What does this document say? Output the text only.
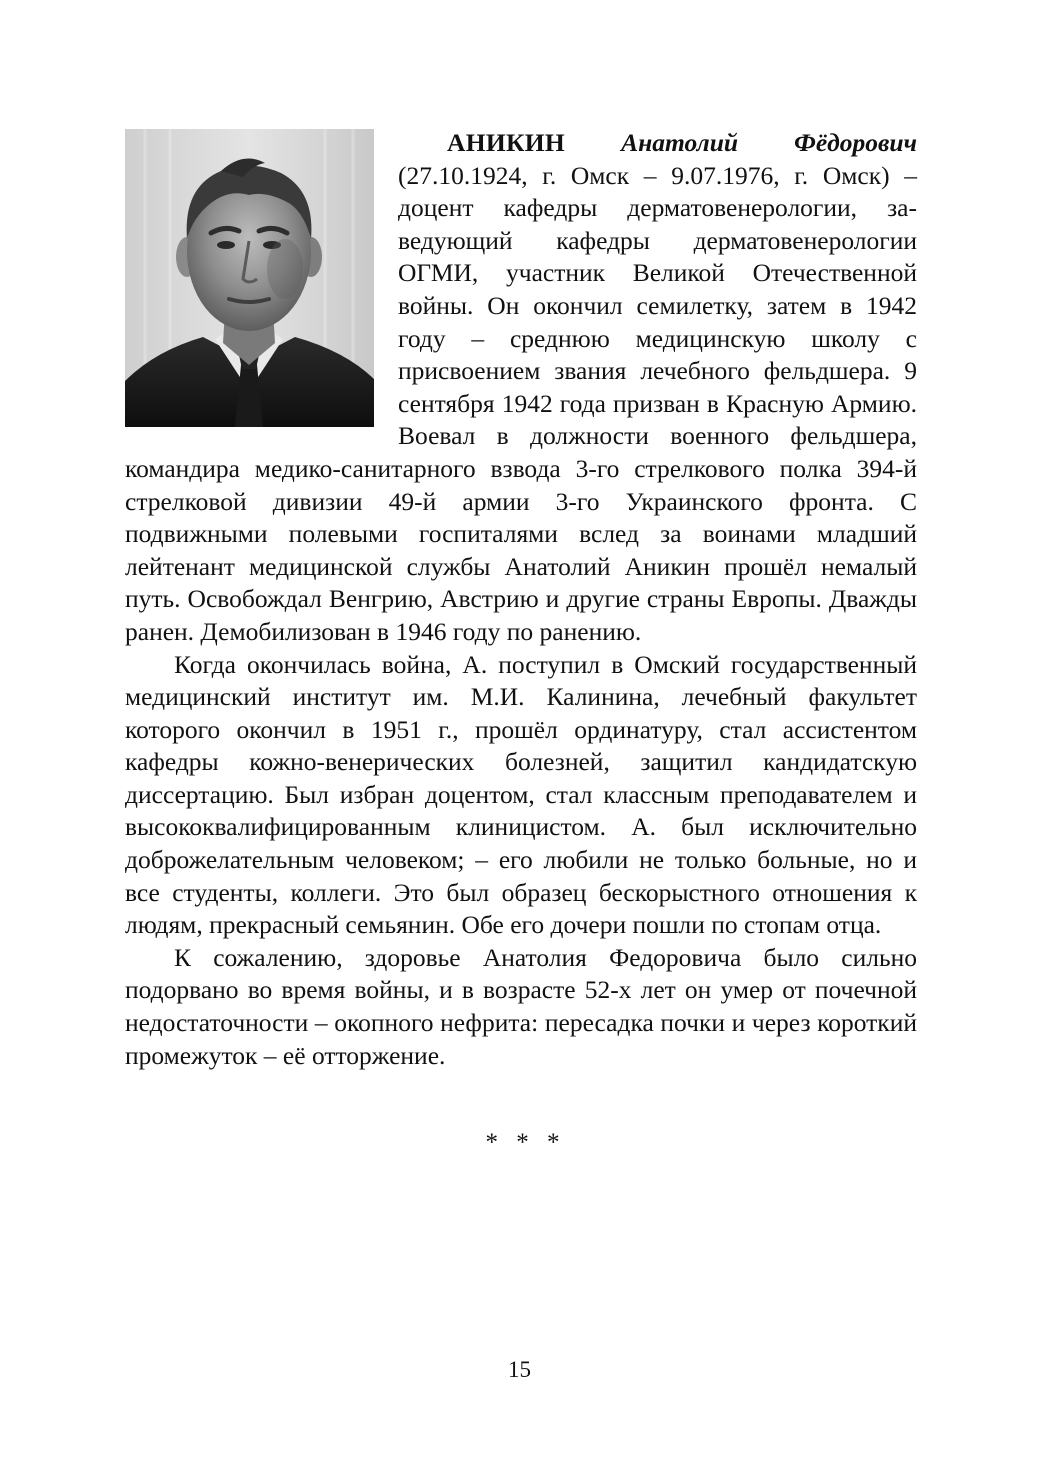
АНИКИН Анатолий Фёдорович (27.10.1924, г. Омск – 9.07.1976, г. Омск) – доцент кафедры дерматовенерологии, заведующий кафедры дерматовенерологии ОГМИ, участник Великой Отечественной войны. Он окончил семилетку, затем в 1942 году – среднюю медицинскую школу с присвоением звания лечебного фельдшера. 9 сентября 1942 года призван в Красную Армию. Воевал в должности военного фельдшера, командира медико-санитарного взвода 3-го стрелкового полка 394-й стрелковой дивизии 49-й армии 3-го Украинского фронта. С подвижными полевыми госпиталями вслед за воинами младший лейтенант медицинской службы Анатолий Аникин прошёл немалый путь. Освобождал Венгрию, Австрию и другие страны Европы. Дважды ранен. Демобилизован в 1946 году по ранению.

Когда окончилась война, А. поступил в Омский государственный медицинский институт им. М.И. Калинина, лечебный факультет которого окончил в 1951 г., прошёл ординатуру, стал ассистентом кафедры кожно-венерических болезней, защитил кандидатскую диссертацию. Был избран доцентом, стал классным преподавателем и высококвалифицированным клиницистом. А. был исключительно доброжелательным человеком; – его любили не только больные, но и все студенты, коллеги. Это был образец бескорыстного отношения к людям, прекрасный семьянин. Обе его дочери пошли по стопам отца.

К сожалению, здоровье Анатолия Федоровича было сильно подорвано во время войны, и в возрасте 52-х лет он умер от почечной недостаточности – окопного нефрита: пересадка почки и через короткий промежуток – её отторжение.

* * *
15
